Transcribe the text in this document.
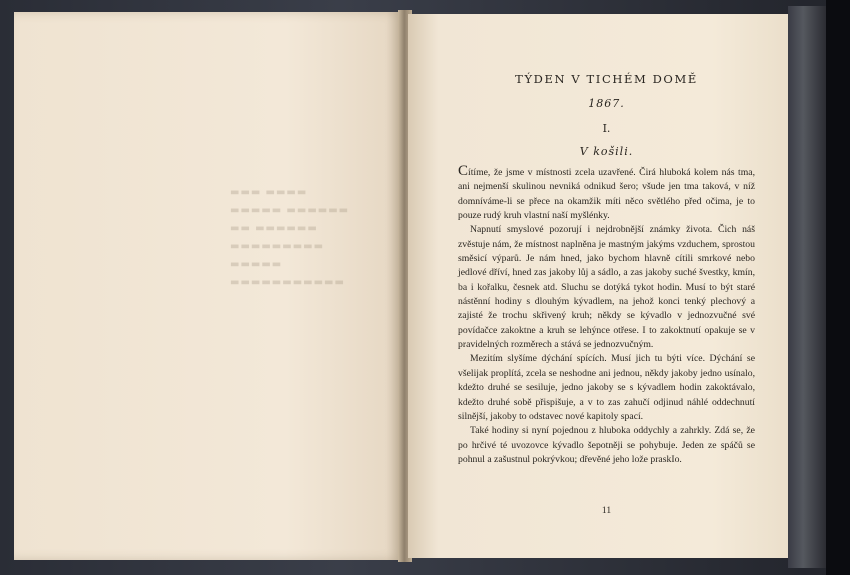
▬▬▬ ▬▬▬▬
▬▬▬▬▬ ▬▬▬▬▬▬
▬▬ ▬▬▬▬▬▬
▬▬▬▬▬▬▬▬▬
▬▬▬▬▬
▬▬▬▬▬▬▬▬▬▬▬
TÝDEN V TICHÉM DOMĚ
1867.
I.
V košili.

Cítíme, že jsme v místnosti zcela uzavřené. Čirá hluboká kolem nás tma, ani nejmenší skulinou nevniká odnikud šero; všude jen tma taková, v níž domníváme-li se přece na okamžik míti něco světlého před očima, je to pouze rudý kruh vlastní naší myšlénky.

Napnutí smyslové pozorují i nejdrobnější známky života. Čich náš zvěstuje nám, že místnost naplněna je mastným jakýms vzduchem, sprostou směsicí výparů. Je nám hned, jako bychom hlavně cítili smrkové nebo jedlové dříví, hned zas jakoby lůj a sádlo, a zas jakoby suché švestky, kmín, ba i kořalku, česnek atd. Sluchu se dotýká tykot hodin. Musí to být staré nástěnní hodiny s dlouhým kývadlem, na jehož konci tenký plechový a zajisté že trochu skřivený kruh; někdy se kývadlo v jednozvučné své povídačce zakoktne a kruh se lehýnce otřese. I to zakoktnutí opakuje se v pravidelných rozměrech a stává se jednozvučným.

Mezitím slyšíme dýchání spících. Musí jich tu býti více. Dýchání se všelijak proplítá, zcela se neshodne ani jednou, někdy jakoby jedno usínalo, kdežto druhé se sesiluje, jedno jakoby se s kývadlem hodin zakoktávalo, kdežto druhé sobě přispišuje, a v to zas zahučí odjinud náhlé oddechnutí silnější, jakoby to odstavec nové kapitoly spací.

Také hodiny si nyní pojednou z hluboka oddychly a zahrkly. Zdá se, že po hrčivé té uvozovce kývadlo šepotněji se pohybuje. Jeden ze spáčů se pohnul a zašustnul pokrývkou; dřevěné jeho lože praskIo.

11
